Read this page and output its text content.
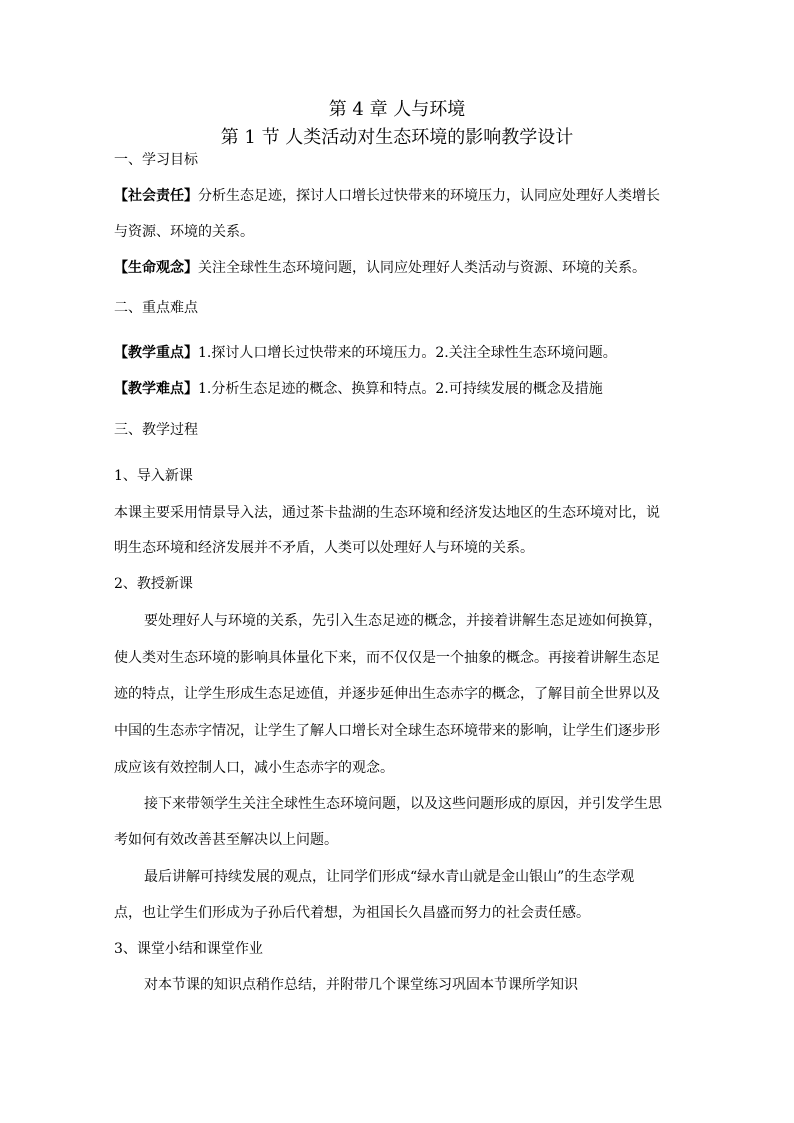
第 4 章 人与环境
第 1 节 人类活动对生态环境的影响教学设计
一、学习目标
【社会责任】分析生态足迹，探讨人口增长过快带来的环境压力，认同应处理好人类增长
与资源、环境的关系。
【生命观念】关注全球性生态环境问题，认同应处理好人类活动与资源、环境的关系。
二、重点难点
【教学重点】1.探讨人口增长过快带来的环境压力。2.关注全球性生态环境问题。
【教学难点】1.分析生态足迹的概念、换算和特点。2.可持续发展的概念及措施
三、教学过程
1、导入新课
本课主要采用情景导入法，通过茶卡盐湖的生态环境和经济发达地区的生态环境对比，说
明生态环境和经济发展并不矛盾，人类可以处理好人与环境的关系。
2、教授新课
要处理好人与环境的关系，先引入生态足迹的概念，并接着讲解生态足迹如何换算，
使人类对生态环境的影响具体量化下来，而不仅仅是一个抽象的概念。再接着讲解生态足
迹的特点，让学生形成生态足迹值，并逐步延伸出生态赤字的概念，了解目前全世界以及
中国的生态赤字情况，让学生了解人口增长对全球生态环境带来的影响，让学生们逐步形
成应该有效控制人口，减小生态赤字的观念。
接下来带领学生关注全球性生态环境问题，以及这些问题形成的原因，并引发学生思
考如何有效改善甚至解决以上问题。
最后讲解可持续发展的观点，让同学们形成“绿水青山就是金山银山”的生态学观
点，也让学生们形成为子孙后代着想，为祖国长久昌盛而努力的社会责任感。
3、课堂小结和课堂作业
对本节课的知识点稍作总结，并附带几个课堂练习巩固本节课所学知识
